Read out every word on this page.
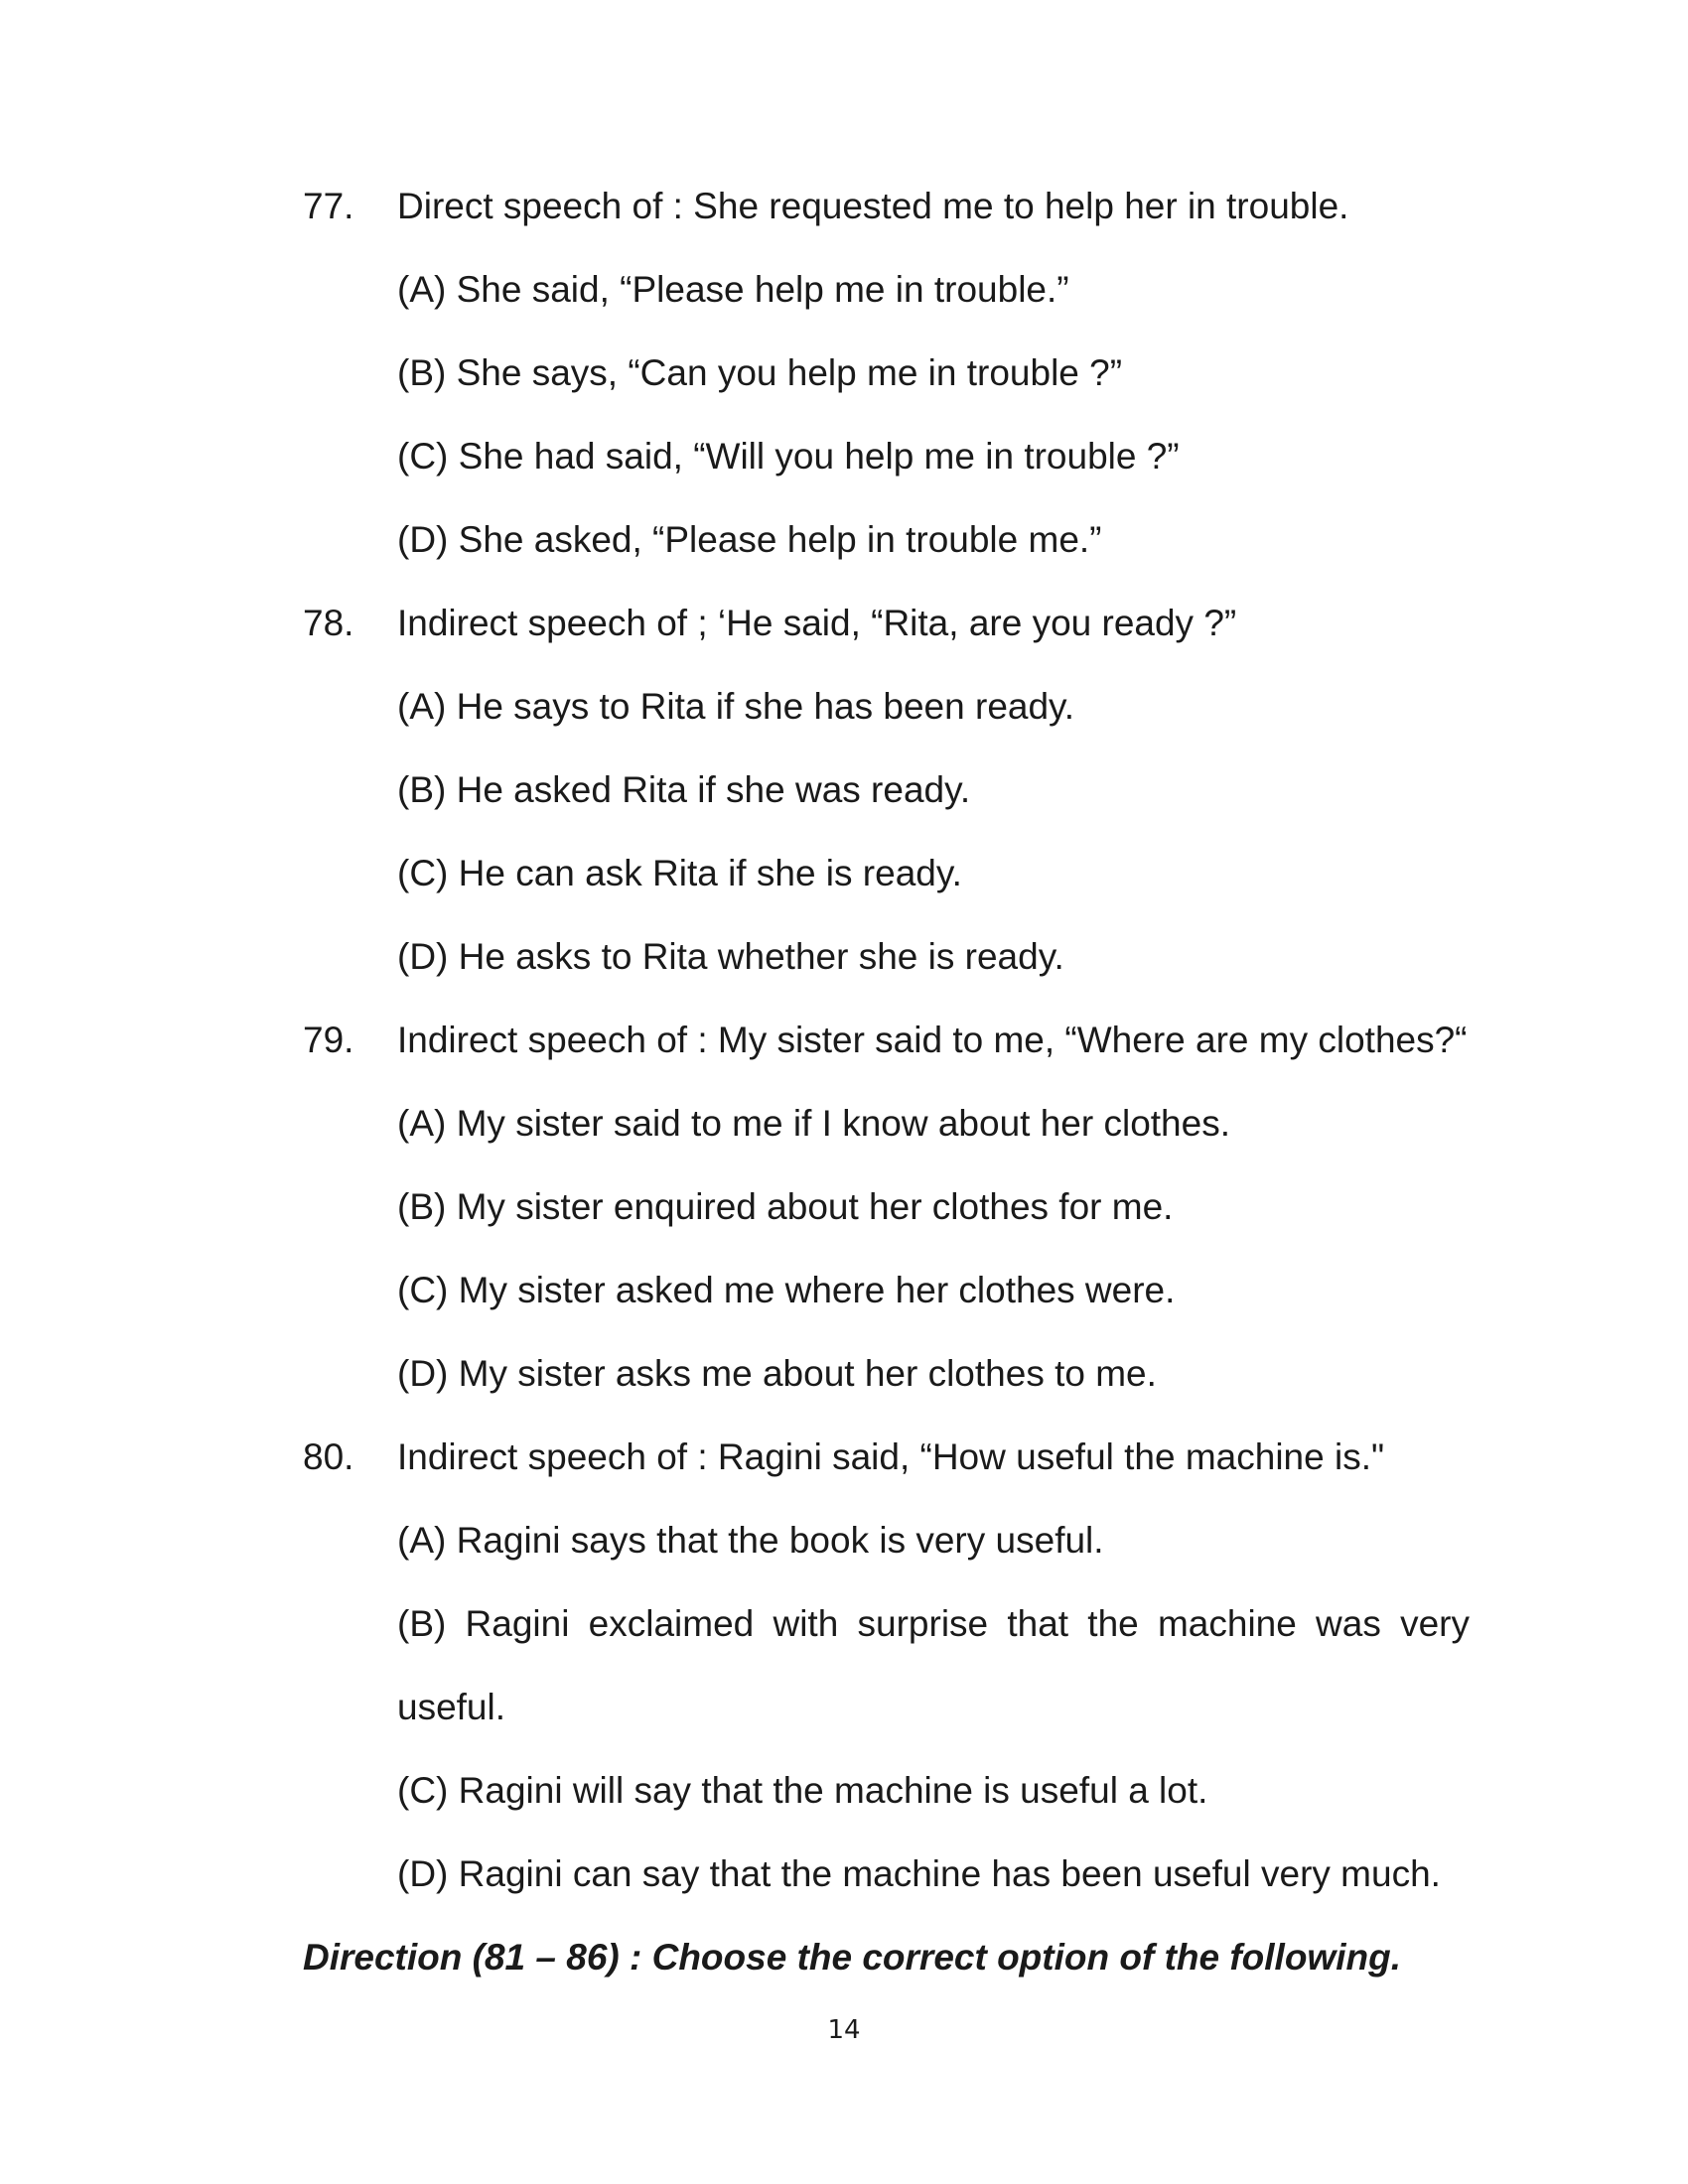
77. Direct speech of : She requested me to help her in trouble.
(A) She said, “Please help me in trouble.”
(B) She says, “Can you help me in trouble ?”
(C) She had said, “Will you help me in trouble ?”
(D) She asked, “Please help in trouble me.”
78. Indirect speech of ; ‘He said, “Rita, are you ready ?”
(A) He says to Rita if she has been ready.
(B) He asked Rita if she was ready.
(C) He can ask Rita if she is ready.
(D) He asks to Rita whether she is ready.
79. Indirect speech of : My sister said to me, “Where are my clothes?“
(A) My sister said to me if I know about her clothes.
(B) My sister enquired about her clothes for me.
(C) My sister asked me where her clothes were.
(D) My sister asks me about her clothes to me.
80. Indirect speech of : Ragini said, “How useful the machine is."
(A) Ragini says that the book is very useful.
(B) Ragini exclaimed with surprise that the machine was very
useful.
(C) Ragini will say that the machine is useful a lot.
(D) Ragini can say that the machine has been useful very much.
Direction (81 – 86) : Choose the correct option of the following.
14
